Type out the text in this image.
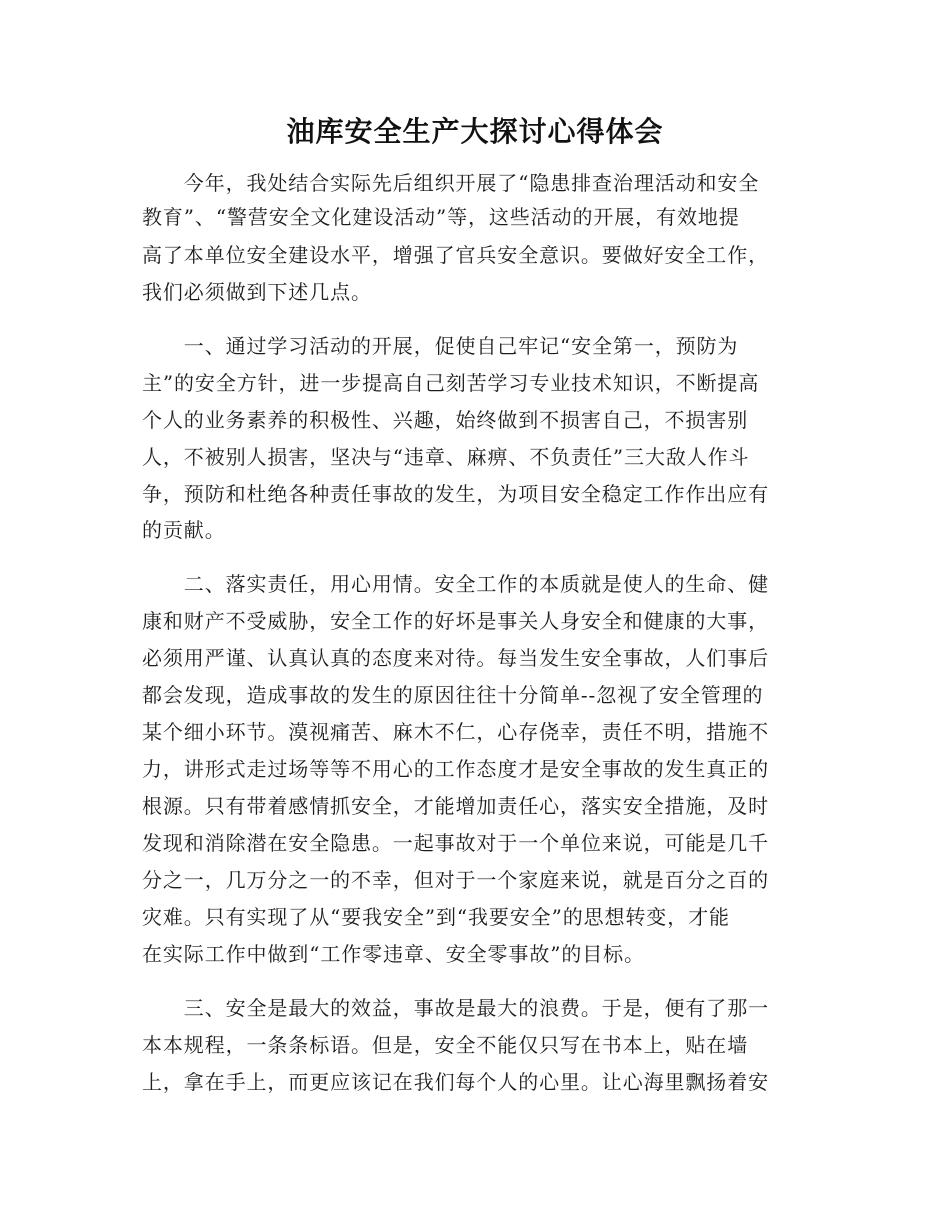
油库安全生产大探讨心得体会
　　今年，我处结合实际先后组织开展了“隐患排查治理活动和安全
教育”、“警营安全文化建设活动”等，这些活动的开展，有效地提
高了本单位安全建设水平，增强了官兵安全意识。要做好安全工作，
我们必须做到下述几点。
　　一、通过学习活动的开展，促使自己牢记“安全第一，预防为
主”的安全方针，进一步提高自己刻苦学习专业技术知识，不断提高
个人的业务素养的积极性、兴趣，始终做到不损害自己，不损害别
人，不被别人损害，坚决与“违章、麻痹、不负责任”三大敌人作斗
争，预防和杜绝各种责任事故的发生，为项目安全稳定工作作出应有
的贡献。
　　二、落实责任，用心用情。安全工作的本质就是使人的生命、健
康和财产不受威胁，安全工作的好坏是事关人身安全和健康的大事，
必须用严谨、认真认真的态度来对待。每当发生安全事故，人们事后
都会发现，造成事故的发生的原因往往十分简单--忽视了安全管理的
某个细小环节。漠视痛苦、麻木不仁，心存侥幸，责任不明，措施不
力，讲形式走过场等等不用心的工作态度才是安全事故的发生真正的
根源。只有带着感情抓安全，才能增加责任心，落实安全措施，及时
发现和消除潜在安全隐患。一起事故对于一个单位来说，可能是几千
分之一，几万分之一的不幸，但对于一个家庭来说，就是百分之百的
灾难。只有实现了从“要我安全”到“我要安全”的思想转变，才能
在实际工作中做到“工作零违章、安全零事故”的目标。
　　三、安全是最大的效益，事故是最大的浪费。于是，便有了那一
本本规程，一条条标语。但是，安全不能仅只写在书本上，贴在墙
上，拿在手上，而更应该记在我们每个人的心里。让心海里飘扬着安
